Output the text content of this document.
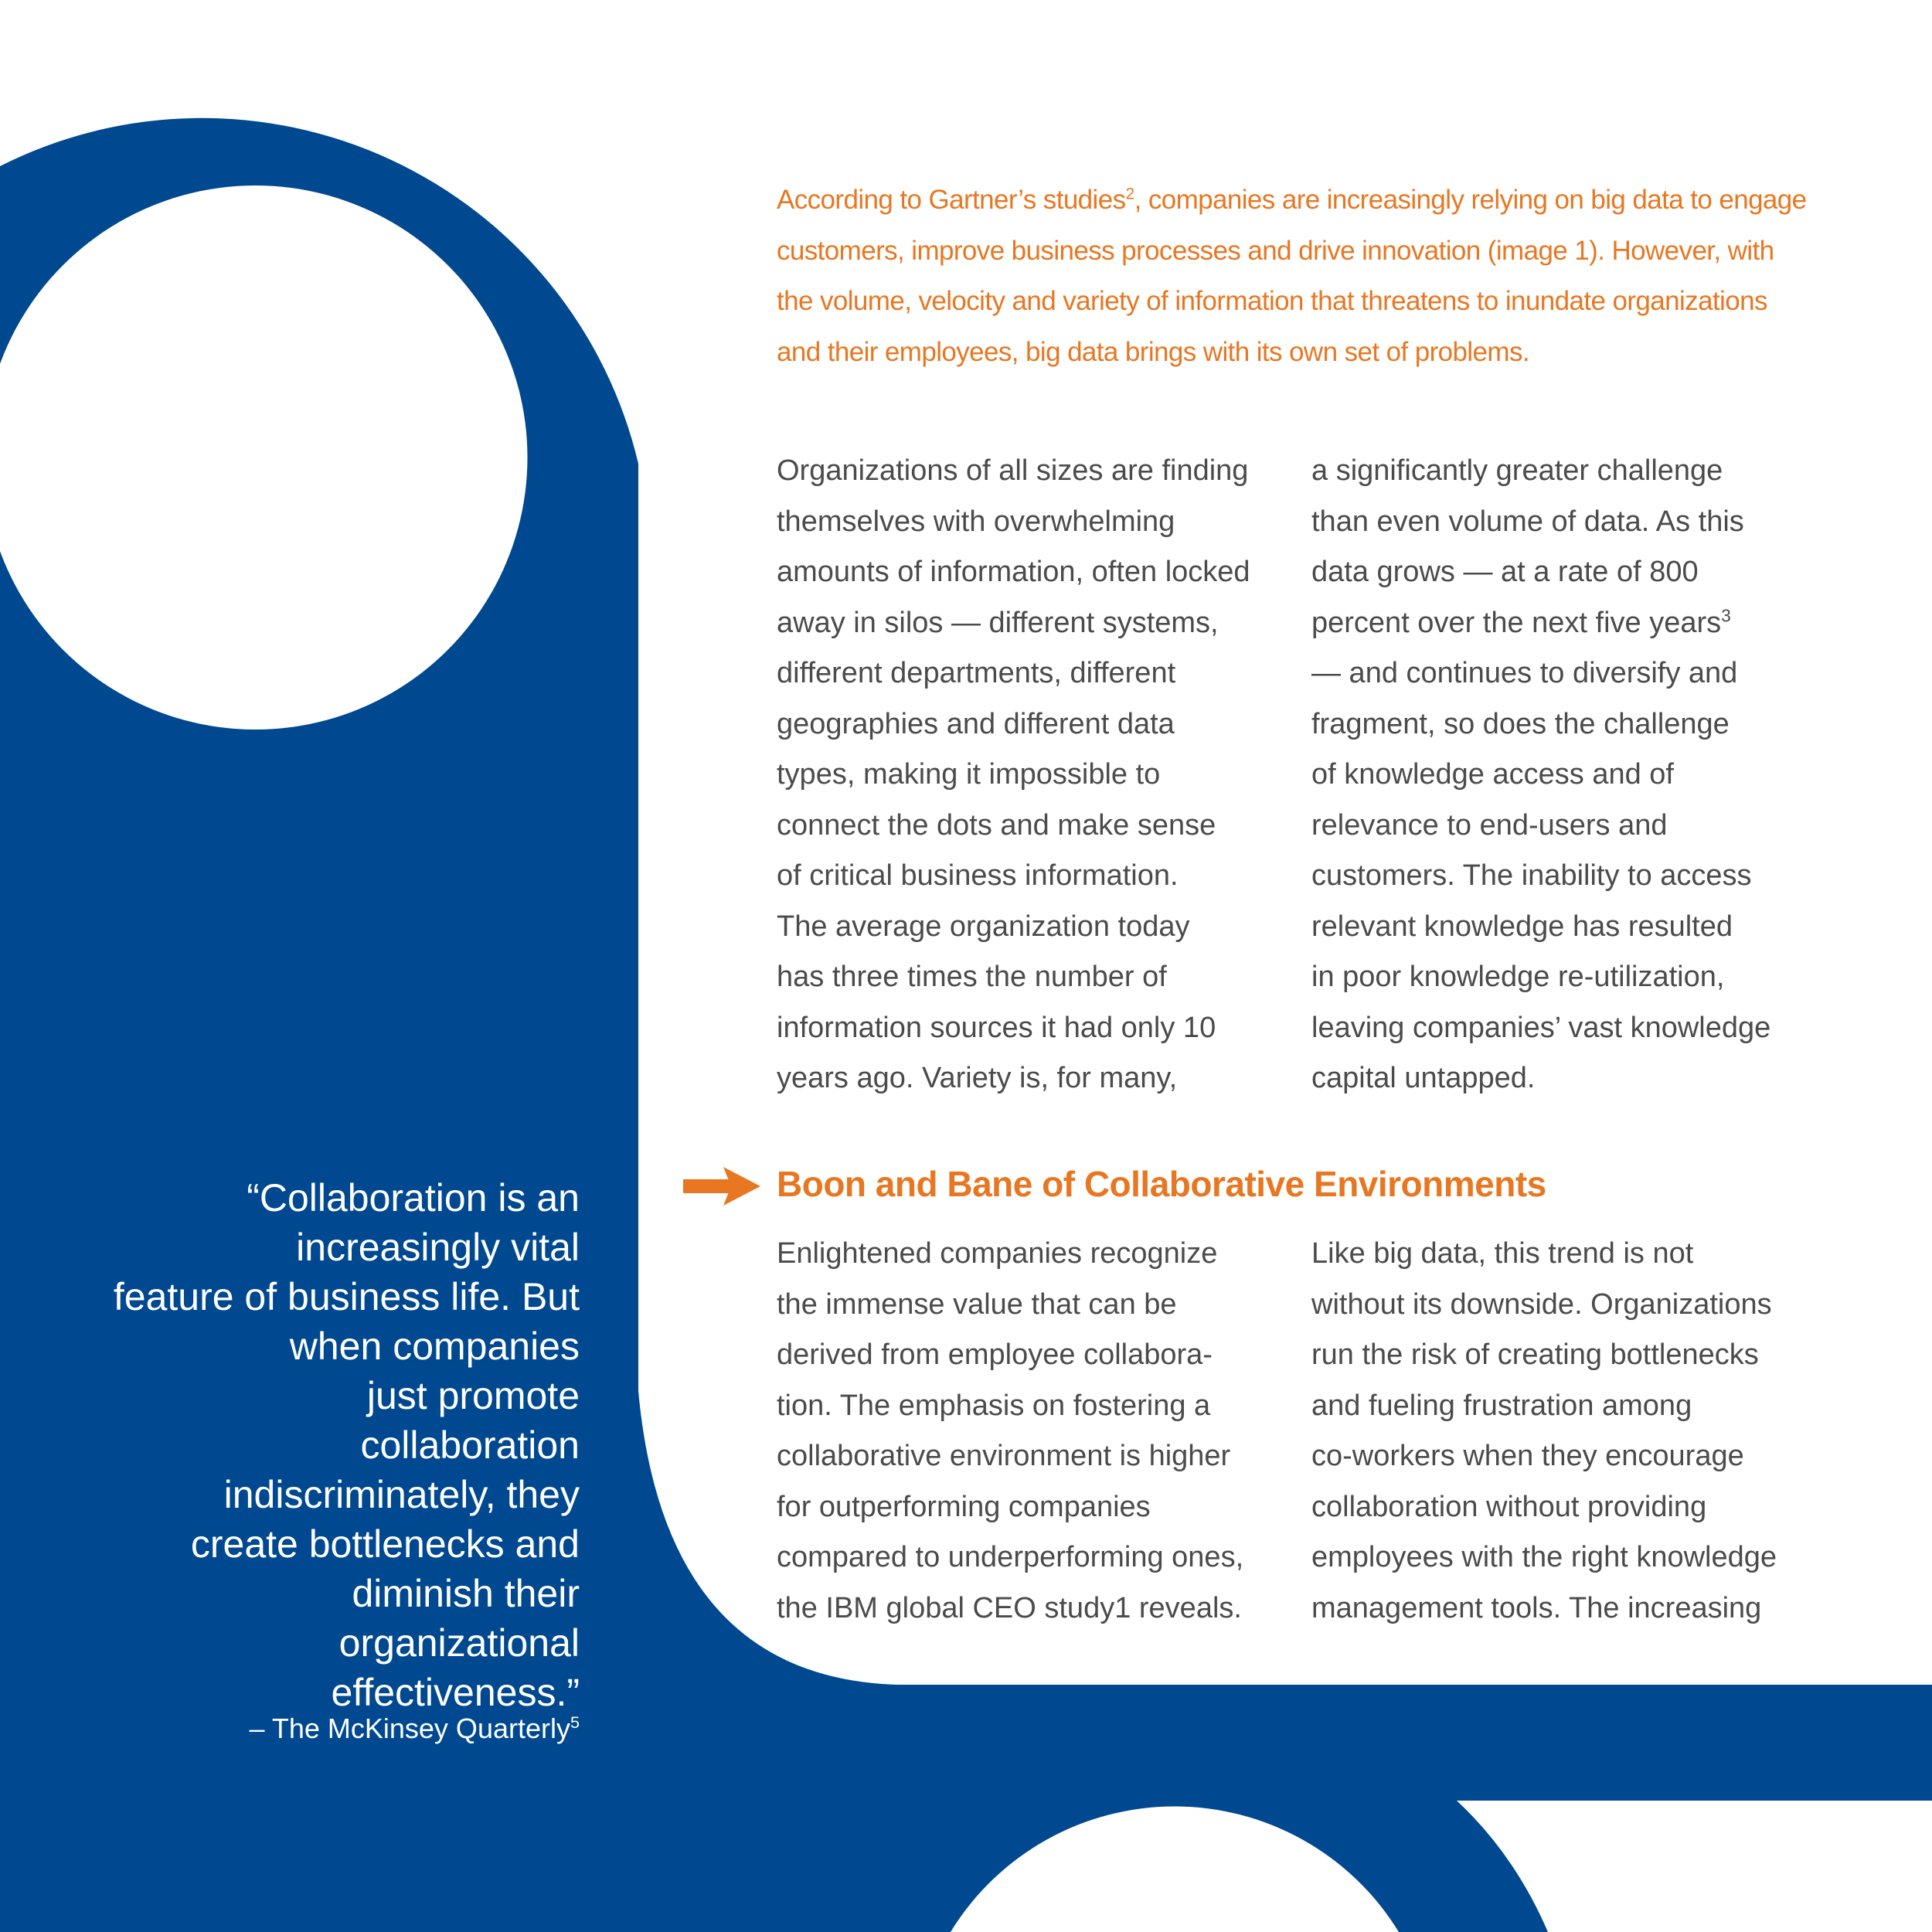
According to Gartner’s studies$^2$, companies are increasingly relying on big data to engage customers, improve business processes and drive innovation (image 1). However, with the volume, velocity and variety of information that threatens to inundate organizations and their employees, big data brings with its own set of problems.

Organizations of all sizes are finding
themselves with overwhelming
amounts of information, often locked
away in silos — different systems,
different departments, different
geographies and different data
types, making it impossible to
connect the dots and make sense
of critical business information.
The average organization today
has three times the number of
information sources it had only 10
years ago. Variety is, for many,
a significantly greater challenge
than even volume of data. As this
data grows — at a rate of 800
percent over the next five years$^3$
— and continues to diversify and
fragment, so does the challenge
of knowledge access and of
relevance to end-users and
customers. The inability to access
relevant knowledge has resulted
in poor knowledge re-utilization,
leaving companies’ vast knowledge
capital untapped.
Boon and Bane of Collaborative Environments
Enlightened companies recognize
the immense value that can be
derived from employee collabora-
tion. The emphasis on fostering a
collaborative environment is higher
for outperforming companies
compared to underperforming ones,
the IBM global CEO study1 reveals.
Like big data, this trend is not
without its downside. Organizations
run the risk of creating bottlenecks
and fueling frustration among
co-workers when they encourage
collaboration without providing
employees with the right knowledge
management tools. The increasing
“Collaboration is an
increasingly vital
feature of business life. But
when companies
just promote
collaboration
indiscriminately, they
create bottlenecks and
diminish their
organizational
effectiveness.”

– The McKinsey Quarterly$^5$
